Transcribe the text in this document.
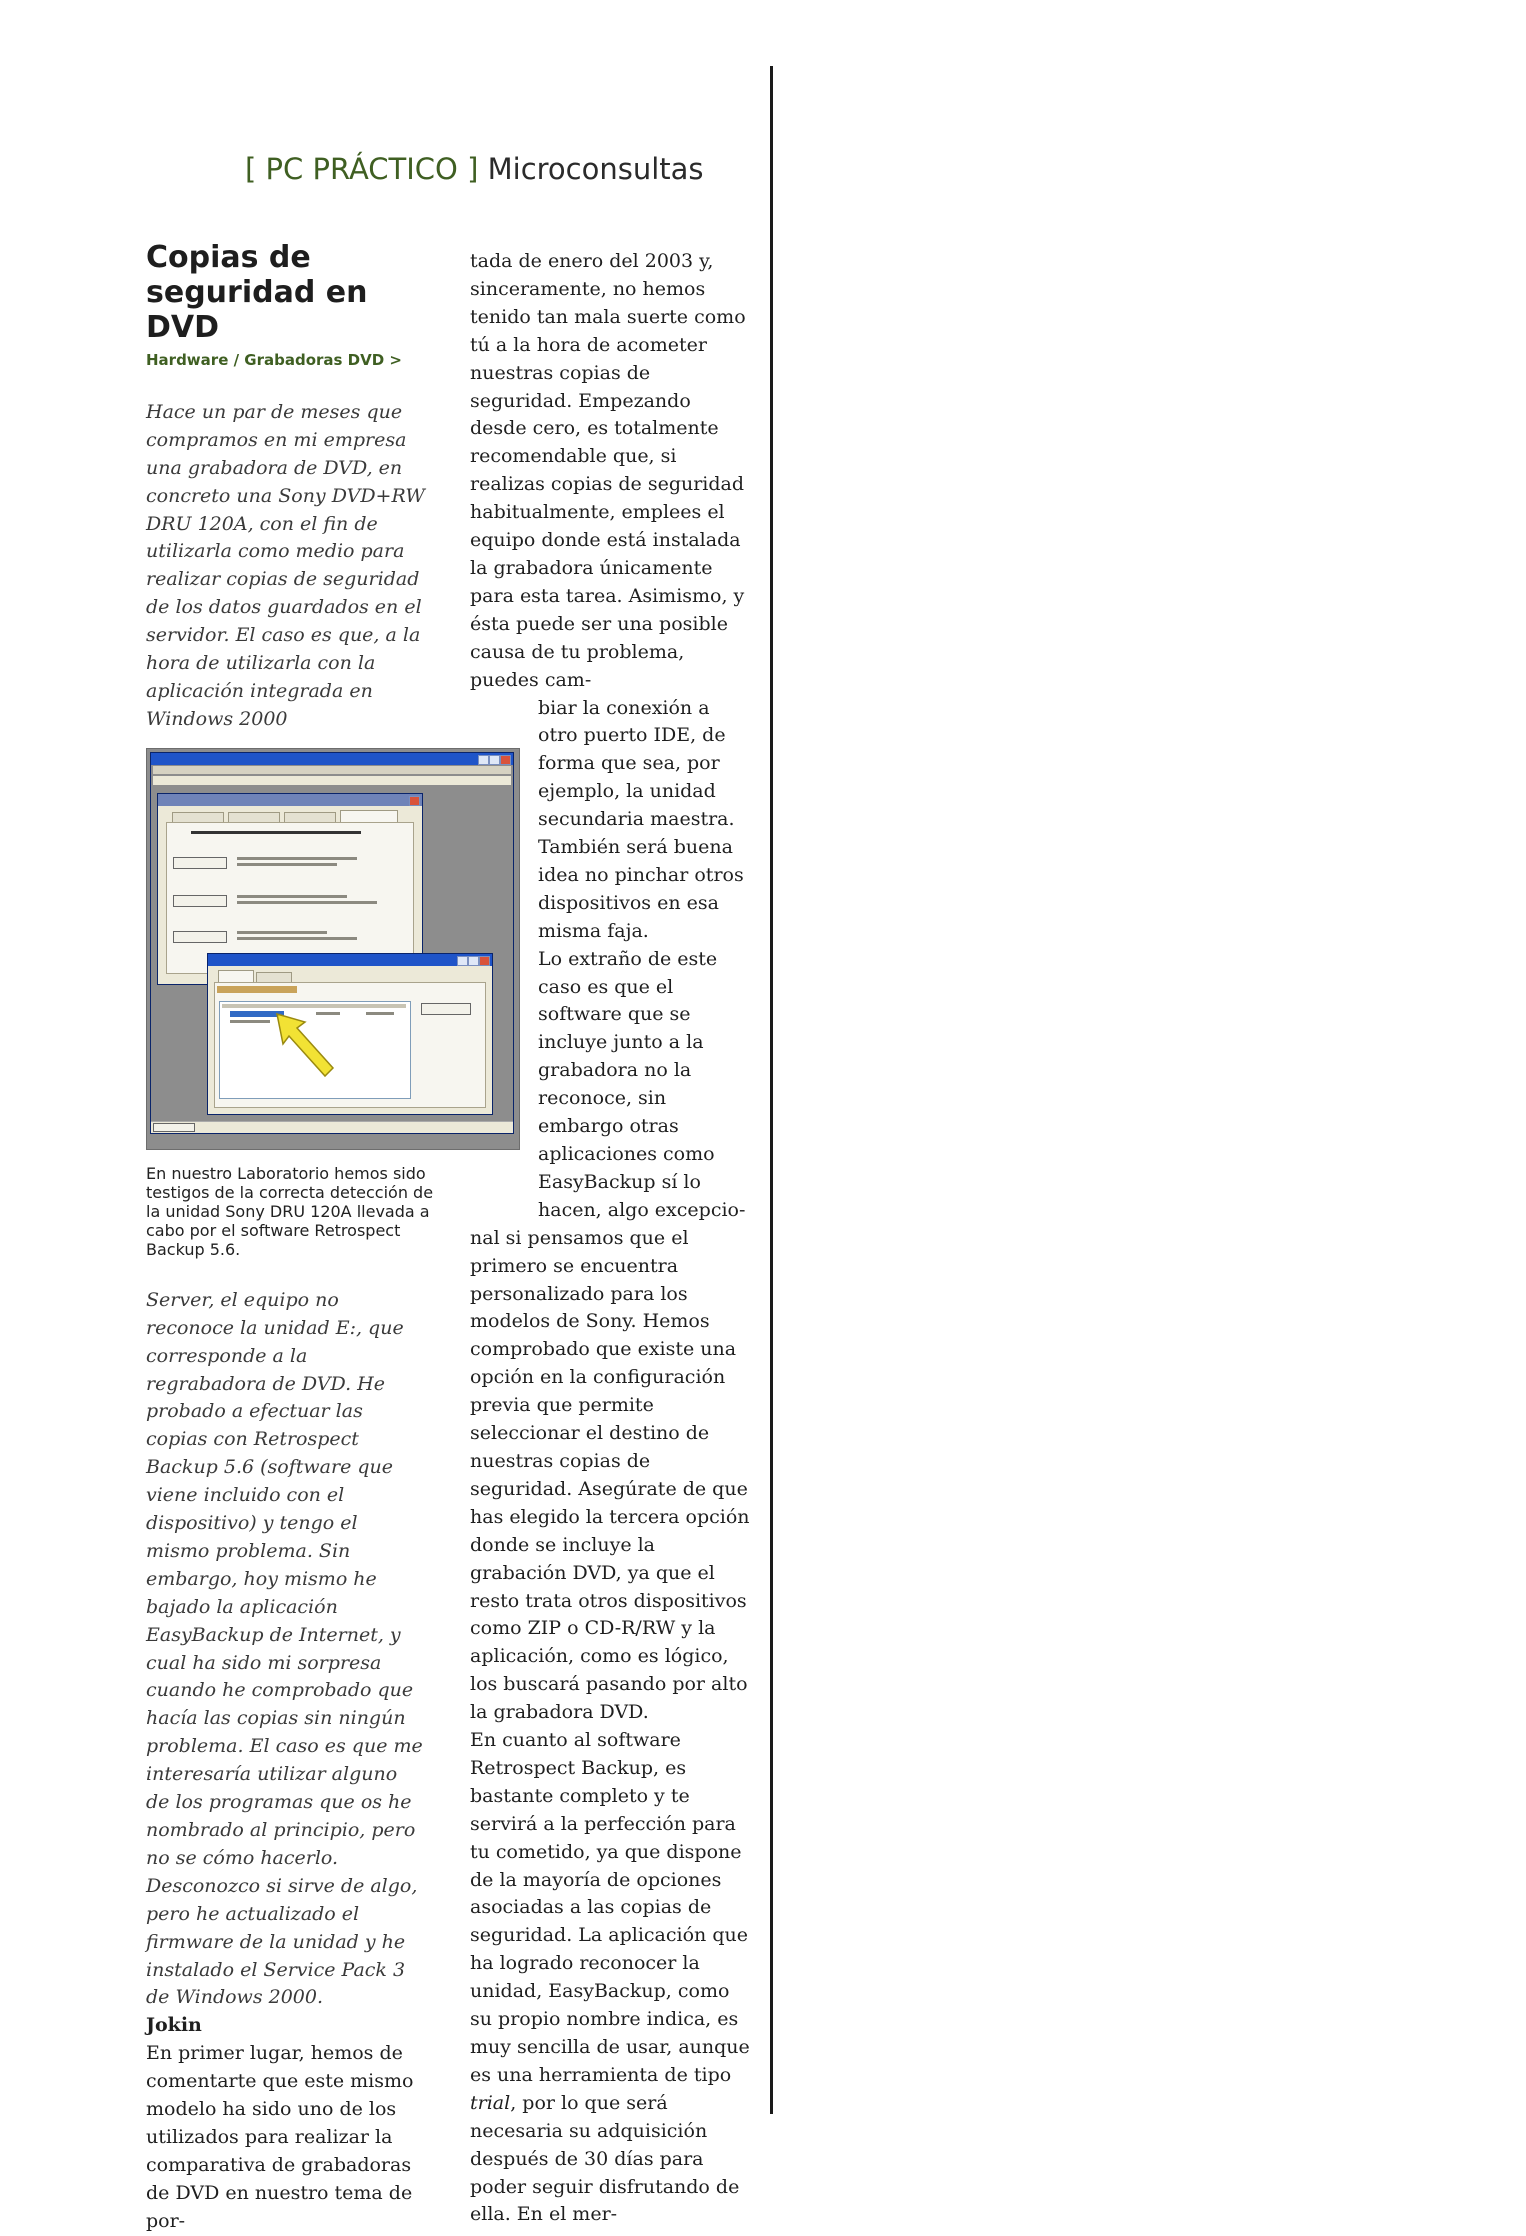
[ PC PRÁCTICO ] Microconsultas
Copias de
seguridad en DVD
Hardware / Grabadoras DVD >

Hace un par de meses que compramos en mi empresa una grabadora de DVD, en concreto una Sony DVD+RW DRU 120A, con el fin de utilizarla como medio para realizar copias de seguridad de los datos guardados en el servidor. El caso es que, a la hora de utilizarla con la aplicación integrada en Windows 2000

En nuestro Laboratorio hemos sido testigos de la correcta detección de la unidad Sony DRU 120A llevada a cabo por el software Retrospect Backup 5.6.

Server, el equipo no reconoce la unidad E:, que corresponde a la regrabadora de DVD. He probado a efectuar las copias con Retrospect Backup 5.6 (software que viene incluido con el dispositivo) y tengo el mismo problema. Sin embargo, hoy mismo he bajado la aplicación EasyBackup de Internet, y cual ha sido mi sorpresa cuando he comprobado que hacía las copias sin ningún problema. El caso es que me interesaría utilizar alguno de los programas que os he nombrado al principio, pero no se cómo hacerlo. Desconozco si sirve de algo, pero he actualizado el firmware de la unidad y he instalado el Service Pack 3 de Windows 2000.

Jokin

En primer lugar, hemos de comentarte que este mismo modelo ha sido uno de los utilizados para realizar la comparativa de grabadoras de DVD en nuestro tema de por-

tada de enero del 2003 y, sinceramente, no hemos tenido tan mala suerte como tú a la hora de acometer nuestras copias de seguridad. Empezando desde cero, es totalmente recomendable que, si realizas copias de seguridad habitualmente, emplees el equipo donde está instalada la grabadora únicamente para esta tarea. Asimismo, y ésta puede ser una posible causa de tu problema, puedes cam-

biar la conexión a otro puerto IDE, de forma que sea, por ejemplo, la unidad secundaria maestra. También será buena idea no pinchar otros dispositivos en esa misma faja.

Lo extraño de este caso es que el software que se incluye junto a la grabadora no la reconoce, sin embargo otras aplicaciones como EasyBackup sí lo hacen, algo excepcio-

nal si pensamos que el primero se encuentra personalizado para los modelos de Sony. Hemos comprobado que existe una opción en la configuración previa que permite seleccionar el destino de nuestras copias de seguridad. Asegúrate de que has elegido la tercera opción donde se incluye la grabación DVD, ya que el resto trata otros dispositivos como ZIP o CD-R/RW y la aplicación, como es lógico, los buscará pasando por alto la grabadora DVD.

En cuanto al software Retrospect Backup, es bastante completo y te servirá a la perfección para tu cometido, ya que dispone de la mayoría de opciones asociadas a las copias de seguridad. La aplicación que ha logrado reconocer la unidad, EasyBackup, como su propio nombre indica, es muy sencilla de usar, aunque es una herramienta de tipo trial, por lo que será necesaria su adquisición después de 30 días para poder seguir disfrutando de ella. En el mer-
